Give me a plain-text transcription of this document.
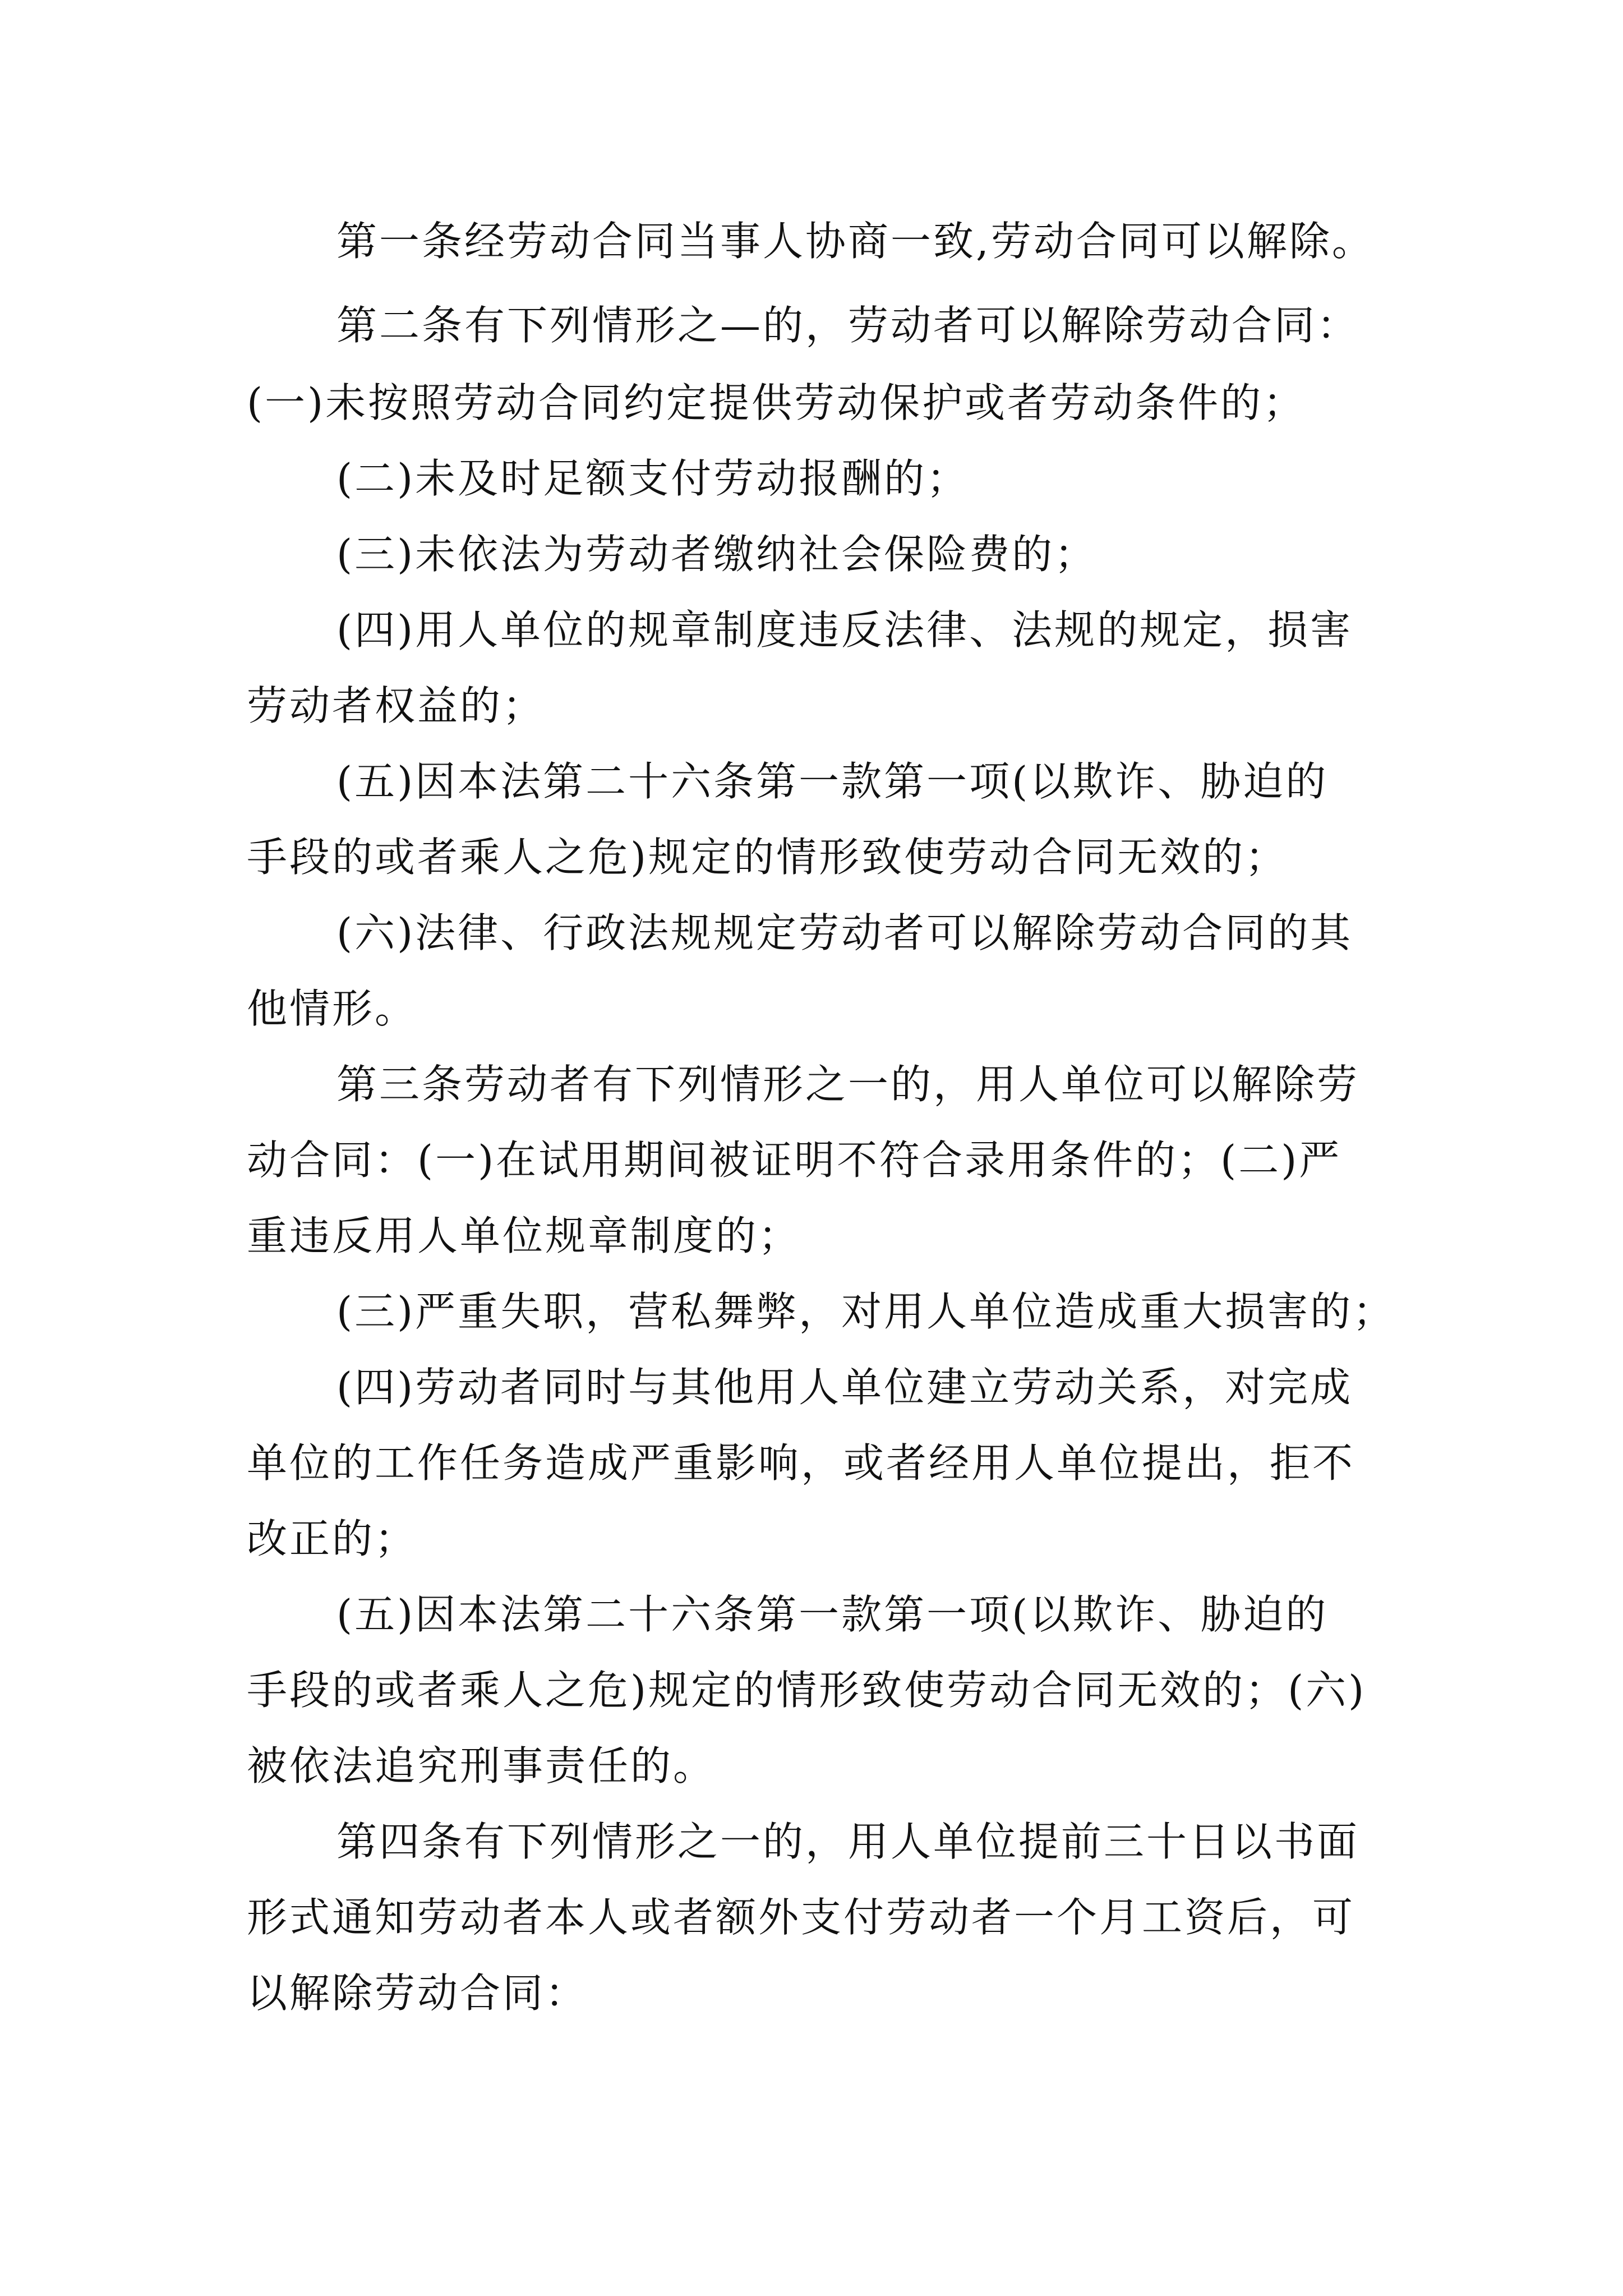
第一条经劳动合同当事人协商一致,劳动合同可以解除。
第二条有下列情形之—的，劳动者可以解除劳动合同：
(一)未按照劳动合同约定提供劳动保护或者劳动条件的；
(二)未及时足额支付劳动报酬的；
(三)未依法为劳动者缴纳社会保险费的；
(四)用人单位的规章制度违反法律、法规的规定，损害
劳动者权益的；
(五)因本法第二十六条第一款第一项(以欺诈、胁迫的
手段的或者乘人之危)规定的情形致使劳动合同无效的；
(六)法律、行政法规规定劳动者可以解除劳动合同的其
他情形。
第三条劳动者有下列情形之一的，用人单位可以解除劳
动合同：(一)在试用期间被证明不符合录用条件的；(二)严
重违反用人单位规章制度的；
(三)严重失职，营私舞弊，对用人单位造成重大损害的；
(四)劳动者同时与其他用人单位建立劳动关系，对完成
单位的工作任务造成严重影响，或者经用人单位提出，拒不
改正的；
(五)因本法第二十六条第一款第一项(以欺诈、胁迫的
手段的或者乘人之危)规定的情形致使劳动合同无效的；(六)
被依法追究刑事责任的。
第四条有下列情形之一的，用人单位提前三十日以书面
形式通知劳动者本人或者额外支付劳动者一个月工资后，可
以解除劳动合同：
